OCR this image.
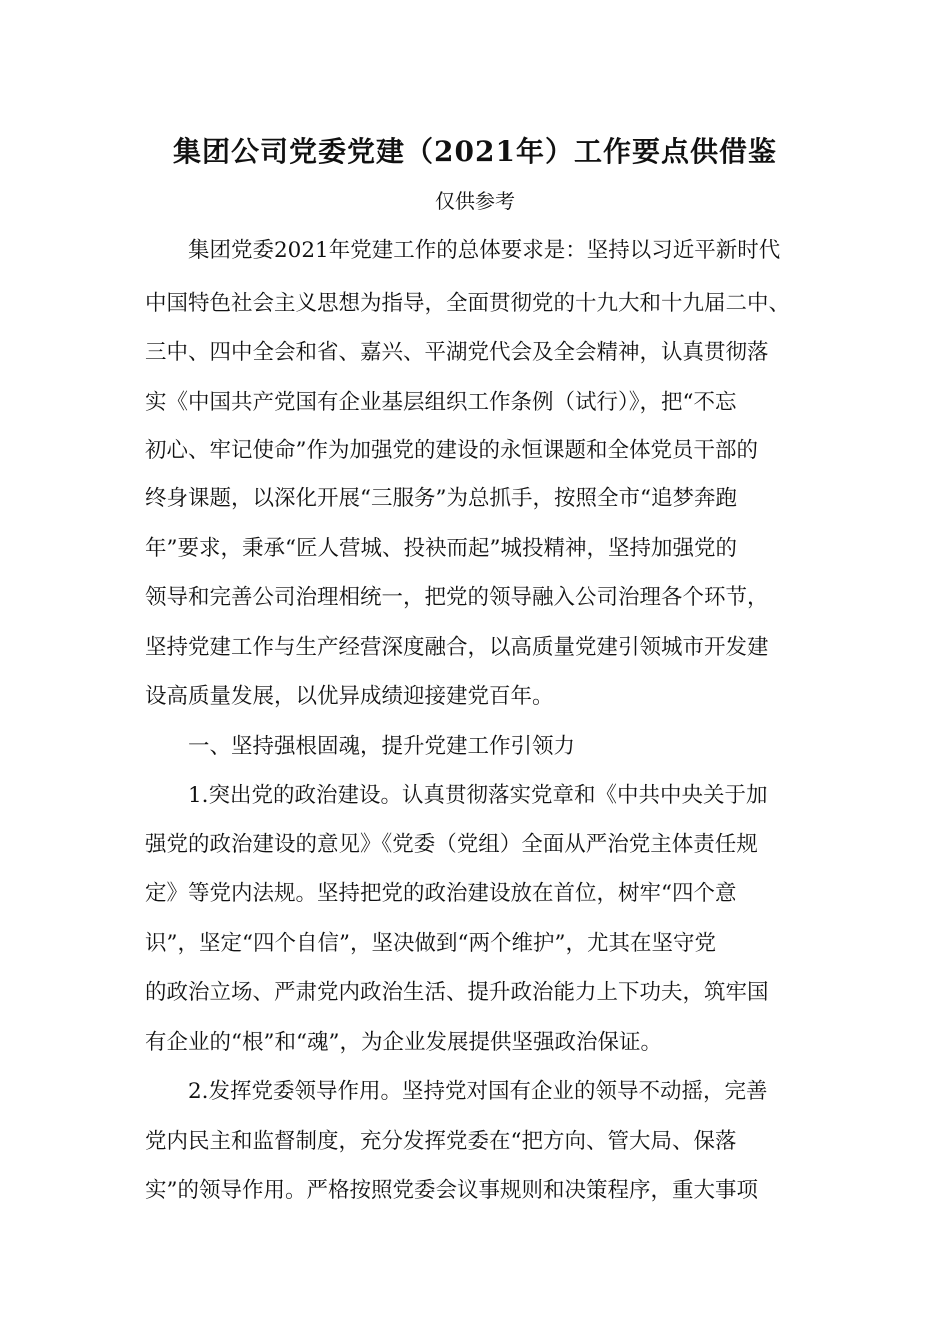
集团公司党委党建（2021年）工作要点供借鉴
仅供参考
集团党委2021年党建工作的总体要求是：坚持以习近平新时代
中国特色社会主义思想为指导，全面贯彻党的十九大和十九届二中、
三中、四中全会和省、嘉兴、平湖党代会及全会精神，认真贯彻落
实《中国共产党国有企业基层组织工作条例（试行）》，把“不忘
初心、牢记使命”作为加强党的建设的永恒课题和全体党员干部的
终身课题，以深化开展“三服务”为总抓手，按照全市“追梦奔跑
年”要求，秉承“匠人营城、投袂而起”城投精神，坚持加强党的
领导和完善公司治理相统一，把党的领导融入公司治理各个环节，
坚持党建工作与生产经营深度融合，以高质量党建引领城市开发建
设高质量发展，以优异成绩迎接建党百年。
一、坚持强根固魂，提升党建工作引领力
1.突出党的政治建设。认真贯彻落实党章和《中共中央关于加
强党的政治建设的意见》《党委（党组）全面从严治党主体责任规
定》等党内法规。坚持把党的政治建设放在首位，树牢“四个意
识”，坚定“四个自信”，坚决做到“两个维护”，尤其在坚守党
的政治立场、严肃党内政治生活、提升政治能力上下功夫，筑牢国
有企业的“根”和“魂”，为企业发展提供坚强政治保证。
2.发挥党委领导作用。坚持党对国有企业的领导不动摇，完善
党内民主和监督制度，充分发挥党委在“把方向、管大局、保落
实”的领导作用。严格按照党委会议事规则和决策程序，重大事项
